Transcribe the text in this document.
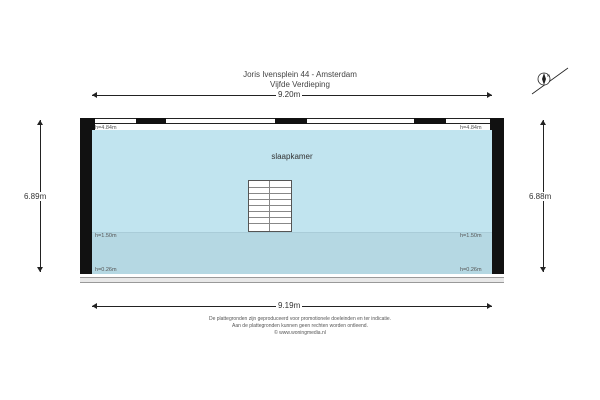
Joris Ivensplein 44 - Amsterdam
Vijfde Verdieping
N
9.20m
6.89m	6.88m
slaapkamer
h=4.84m	h=4.84m
h=1.50m	h=1.50m
h=0.26m	h=0.26m
9.19m
De plattegronden zijn geproduceerd voor promotionele doeleinden en ter indicatie.
Aan de plattegronden kunnen geen rechten worden ontleend.
© www.woningmedia.nl
